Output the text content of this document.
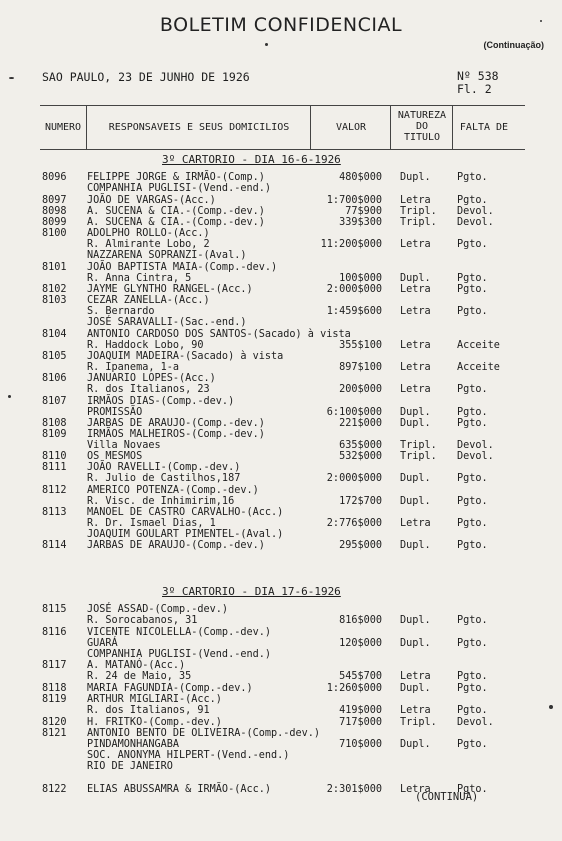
BOLETIM CONFIDENCIAL
(Continuação)
SAO PAULO, 23 DE JUNHO DE 1926	Nº 538
Fl. 2
NUMERO	RESPONSAVEIS E SEUS DOMICILIOS	VALOR
NATUREZA
DO
TITULO
FALTA DE
3º CARTORIO - DIA 16-6-1926
3º CARTORIO - DIA 17-6-1926
8096 FELIPPE JORGE & IRMÃO-(Comp.)	480$000 Dupl.	Pgto.
COMPANHIA PUGLISI-(Vend.-end.)
8097 JOÃO DE VARGAS-(Acc.)	1:700$000 Letra	Pgto.
8098 A. SUCENA & CIA.-(Comp.-dev.)	77$900 Tripl. Devol.
8099 A. SUCENA & CIA.-(Comp.-dev.)	339$300 Tripl. Devol.
8100 ADOLPHO ROLLO-(Acc.)
R. Almirante Lobo, 2	11:200$000 Letra	Pgto.
NAZZARENA SOPRANZI-(Aval.)
8101 JOÃO BAPTISTA MAIA-(Comp.-dev.)
R. Anna Cintra, 5	100$000 Dupl.	Pgto.
8102 JAYME GLYNTHO RANGEL-(Acc.)	2:000$000 Letra	Pgto.
8103 CEZAR ZANELLA-(Acc.)
S. Bernardo	1:459$600 Letra	Pgto.
JOSÉ SARAVALLI-(Sac.-end.)
8104 ANTONIO CARDOSO DOS SANTOS-(Sacado) à vista
R. Haddock Lobo, 90	355$100 Letra	Acceite
8105 JOAQUIM MADEIRA-(Sacado) à vista
R. Ipanema, 1-a	897$100 Letra	Acceite
8106 JANUARIO LOPES-(Acc.)
R. dos Italianos, 23	200$000 Letra	Pgto.
8107 IRMÃOS DIAS-(Comp.-dev.)
PROMISSÃO	6:100$000 Dupl.	Pgto.
8108 JARBAS DE ARAUJO-(Comp.-dev.)	221$000 Dupl.	Pgto.
8109 IRMÃOS MALHEIROS-(Comp.-dev.)
Villa Novaes	635$000 Tripl. Devol.
8110 OS MESMOS	532$000 Tripl. Devol.
8111 JOÃO RAVELLI-(Comp.-dev.)
R. Julio de Castilhos,187	2:000$000 Dupl.	Pgto.
8112 AMERICO POTENZA-(Comp.-dev.)
R. Visc. de Inhimirim,16	172$700 Dupl.	Pgto.
8113 MANOEL DE CASTRO CARVALHO-(Acc.)
R. Dr. Ismael Dias, 1	2:776$000 Letra	Pgto.
JOAQUIM GOULART PIMENTEL-(Aval.)
8114 JARBAS DE ARAUJO-(Comp.-dev.)	295$000 Dupl.	Pgto.
8115 JOSÉ ASSAD-(Comp.-dev.)
R. Sorocabanos, 31	816$000 Dupl.	Pgto.
8116 VICENTE NICOLELLA-(Comp.-dev.)
GUARÁ	120$000 Dupl.	Pgto.
COMPANHIA PUGLISI-(Vend.-end.)
8117 A. MATANÓ-(Acc.)
R. 24 de Maio, 35	545$700 Letra	Pgto.
8118 MARIA FAGUNDIA-(Comp.-dev.)	1:260$000 Dupl.	Pgto.
8119 ARTHUR MIGLIARI-(Acc.)
R. dos Italianos, 91	419$000 Letra	Pgto.
8120 H. FRITKO-(Comp.-dev.)	717$000 Tripl. Devol.
8121 ANTONIO BENTO DE OLIVEIRA-(Comp.-dev.)
PINDAMONHANGABA	710$000 Dupl.	Pgto.
SOC. ANONYMA HILPERT-(Vend.-end.)
RIO DE JANEIRO
8122 ELIAS ABUSSAMRA & IRMÃO-(Acc.)	2:301$000 Letra	Pgto.
(CONTINUA)
